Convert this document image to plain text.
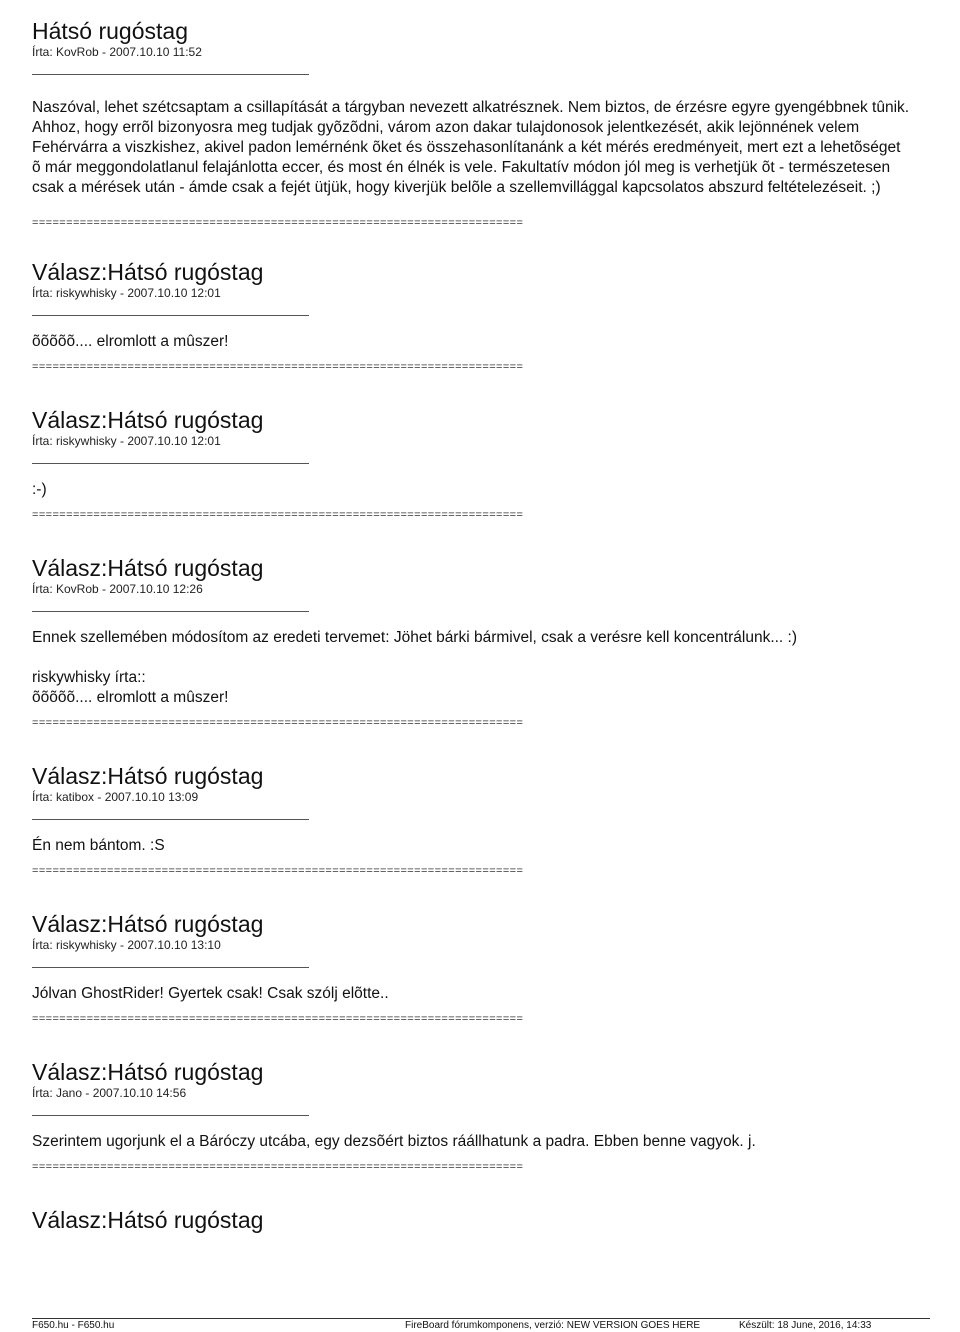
Hátsó rugóstag
Írta: KovRob - 2007.10.10 11:52
Naszóval, lehet szétcsaptam a csillapítását a tárgyban nevezett alkatrésznek. Nem biztos, de érzésre egyre gyengébbnek tûnik. Ahhoz, hogy errõl bizonyosra meg tudjak gyõzõdni, várom azon dakar tulajdonosok jelentkezését, akik lejönnének velem Fehérvárra a viszkishez, akivel padon lemérnénk õket és összehasonlítanánk a két mérés eredményeit, mert ezt a lehetõséget õ már meggondolatlanul felajánlotta eccer, és most én élnék is vele. Fakultatív módon jól meg is verhetjük õt - természetesen csak a mérések után - ámde csak a fejét ütjük, hogy kiverjük belõle a szellemvillággal kapcsolatos abszurd feltételezéseit. ;)
========================================================================
Válasz:Hátsó rugóstag
Írta: riskywhisky - 2007.10.10 12:01
õõõõõ.... elromlott a mûszer!
========================================================================
Válasz:Hátsó rugóstag
Írta: riskywhisky - 2007.10.10 12:01
:-)
========================================================================
Válasz:Hátsó rugóstag
Írta: KovRob - 2007.10.10 12:26
Ennek szellemében módosítom az eredeti tervemet: Jöhet bárki bármivel, csak a verésre kell koncentrálunk... :)

riskywhisky írta::
õõõõõ.... elromlott a mûszer!
========================================================================
Válasz:Hátsó rugóstag
Írta: katibox - 2007.10.10 13:09
Én nem bántom. :S
========================================================================
Válasz:Hátsó rugóstag
Írta: riskywhisky - 2007.10.10 13:10
Jólvan GhostRider! Gyertek csak! Csak szólj elõtte..
========================================================================
Válasz:Hátsó rugóstag
Írta: Jano - 2007.10.10 14:56
Szerintem ugorjunk el a Báróczy utcába, egy dezsõért biztos ráállhatunk a padra. Ebben benne vagyok. j.
========================================================================
Válasz:Hátsó rugóstag
F650.hu - F650.hu	FireBoard fórumkomponens, verzió: NEW VERSION GOES HERE	Készült: 18 June, 2016, 14:33
